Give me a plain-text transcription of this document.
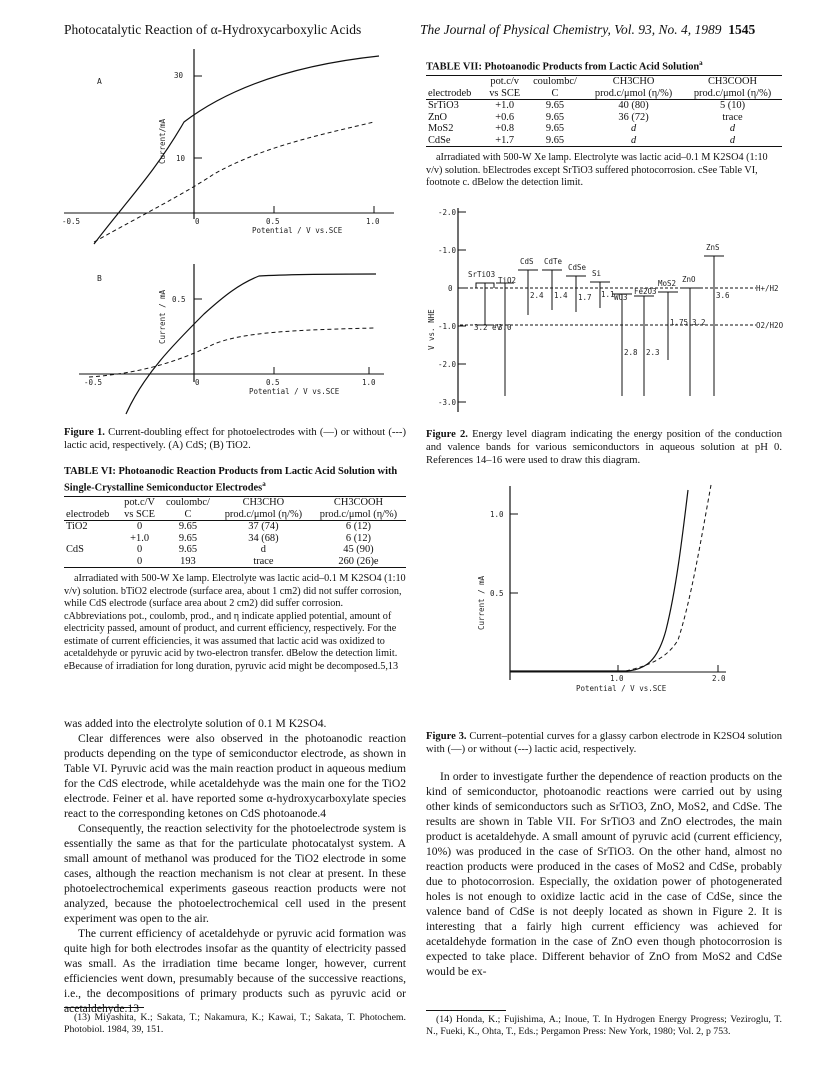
Photocatalytic Reaction of α-Hydroxycarboxylic Acids	The Journal of Physical Chemistry, Vol. 93, No. 4, 1989 1545
A
30
10
-0.5	0	0.5	1.0
Potential / V vs.SCE
Current/mA
B
0.5
-0.5	0	0.5	1.0
Potential / V vs.SCE
Current / mA
Figure 1. Current-doubling effect for photoelectrodes with (—) or without (---) lactic acid, respectively. (A) CdS; (B) TiO2.
TABLE VI: Photoanodic Reaction Products from Lactic Acid Solution with Single-Crystalline Semiconductor Electrodes$^a$
	pot.c/V	coulombc/	CH3CHO	CH3COOH
electrodeb	vs SCE	C	prod.c/μmol (η/%)	prod.c/μmol (η/%)
TiO2	0	9.65	37 (74)	6 (12)
	+1.0	9.65	34 (68)	6 (12)
CdS	0	9.65	d	45 (90)
	0	193	trace	260 (26)e

aIrradiated with 500-W Xe lamp. Electrolyte was lactic acid–0.1 M K2SO4 (1:10 v/v) solution. bTiO2 electrode (surface area, about 1 cm2) did not suffer corrosion, while CdS electrode (surface area about 2 cm2) did suffer corrosion. cAbbreviations pot., coulomb, prod., and η indicate applied potential, amount of electricity passed, amount of product, and current efficiency, respectively. For the estimate of current efficiencies, it was assumed that lactic acid was oxidized to acetaldehyde or pyruvic acid by two-electron transfer. dBelow the detection limit. eBecause of irradiation for long duration, pyruvic acid might be decomposed.5,13

was added into the electrolyte solution of 0.1 M K2SO4.

Clear differences were also observed in the photoanodic reaction products depending on the type of semiconductor electrode, as shown in Table VI. Pyruvic acid was the main reaction product in aqueous medium for the CdS electrode, while acetaldehyde was the main one for the TiO2 electrode. Feiner et al. have reported some α-hydroxycarboxylate species react to the corresponding ketones on CdS photoanode.4

Consequently, the reaction selectivity for the photoelectrode system is essentially the same as that for the particulate photocatalyst system. A small amount of methanol was produced for the TiO2 electrode in some cases, although the reaction mechanism is not clear at present. In these photoelectrochemical experiments gaseous reaction products were not analyzed, because the photoelectrochemical cell used in the present experiment was open to the air.

The current efficiency of acetaldehyde or pyruvic acid formation was quite high for both electrodes insofar as the quantity of electricity passed was small. As the irradiation time became longer, however, current efficiencies went down, presumably because of the successive reactions, i.e., the decompositions of primary products such as pyruvic acid or acetaldehyde.13

(13) Miyashita, K.; Sakata, T.; Nakamura, K.; Kawai, T.; Sakata, T. Photochem. Photobiol. 1984, 39, 151.
TABLE VII: Photoanodic Products from Lactic Acid Solution$^a$
	pot.c/v	coulombc/	CH3CHO	CH3COOH
electrodeb	vs SCE	C	prod.c/μmol (η/%)	prod.c/μmol (η/%)
SrTiO3	+1.0	9.65	40 (80)	5 (10)
ZnO	+0.6	9.65	36 (72)	trace
MoS2	+0.8	9.65	d	d
CdSe	+1.7	9.65	d	d

aIrradiated with 500-W Xe lamp. Electrolyte was lactic acid–0.1 M K2SO4 (1:10 v/v) solution. bElectrodes except SrTiO3 suffered photocorrosion. cSee Table VI, footnote c. dBelow the detection limit.

-2.0
-1.0
0
-1.0
-2.0
-3.0
V vs. NHE
H+/H2
O2/H2O
SrTiO3
TiO2
CdS CdTe
CdSe
Si
WO3
Fe2O3
MoS2 ZnO
ZnS
3.2 eV
3.0
2.4 1.4 1.7 1.1
2.8 2.3
1.75 3.2
3.6
Figure 2. Energy level diagram indicating the energy position of the conduction and valence bands for various semiconductors in aqueous solution at pH 0. References 14–16 were used to draw this diagram.
1.0
0.5
1.0	2.0
Potential / V vs.SCE
Current / mA
Figure 3. Current–potential curves for a glassy carbon electrode in K2SO4 solution with (—) or without (---) lactic acid, respectively.

In order to investigate further the dependence of reaction products on the kind of semiconductor, photoanodic reactions were carried out by using other kinds of semiconductors such as SrTiO3, ZnO, MoS2, and CdSe. The results are shown in Table VII. For SrTiO3 and ZnO electrodes, the main product is acetaldehyde. A small amount of pyruvic acid (current efficiency, 10%) was produced in the case of SrTiO3. On the other hand, almost no reaction products were produced in the cases of MoS2 and CdSe, probably due to photocorrosion. Especially, the oxidation power of photogenerated holes is not enough to oxidize lactic acid in the case of CdSe, since the valence band of CdSe is not deeply located as shown in Figure 2. It is interesting that a fairly high current efficiency was achieved for acetaldehyde formation in the case of ZnO even though photocorrosion is expected to take place. Different behavior of ZnO from MoS2 and CdSe would be ex-

(14) Honda, K.; Fujishima, A.; Inoue, T. In Hydrogen Energy Progress; Veziroglu, T. N., Fueki, K., Ohta, T., Eds.; Pergamon Press: New York, 1980; Vol. 2, p 753.
